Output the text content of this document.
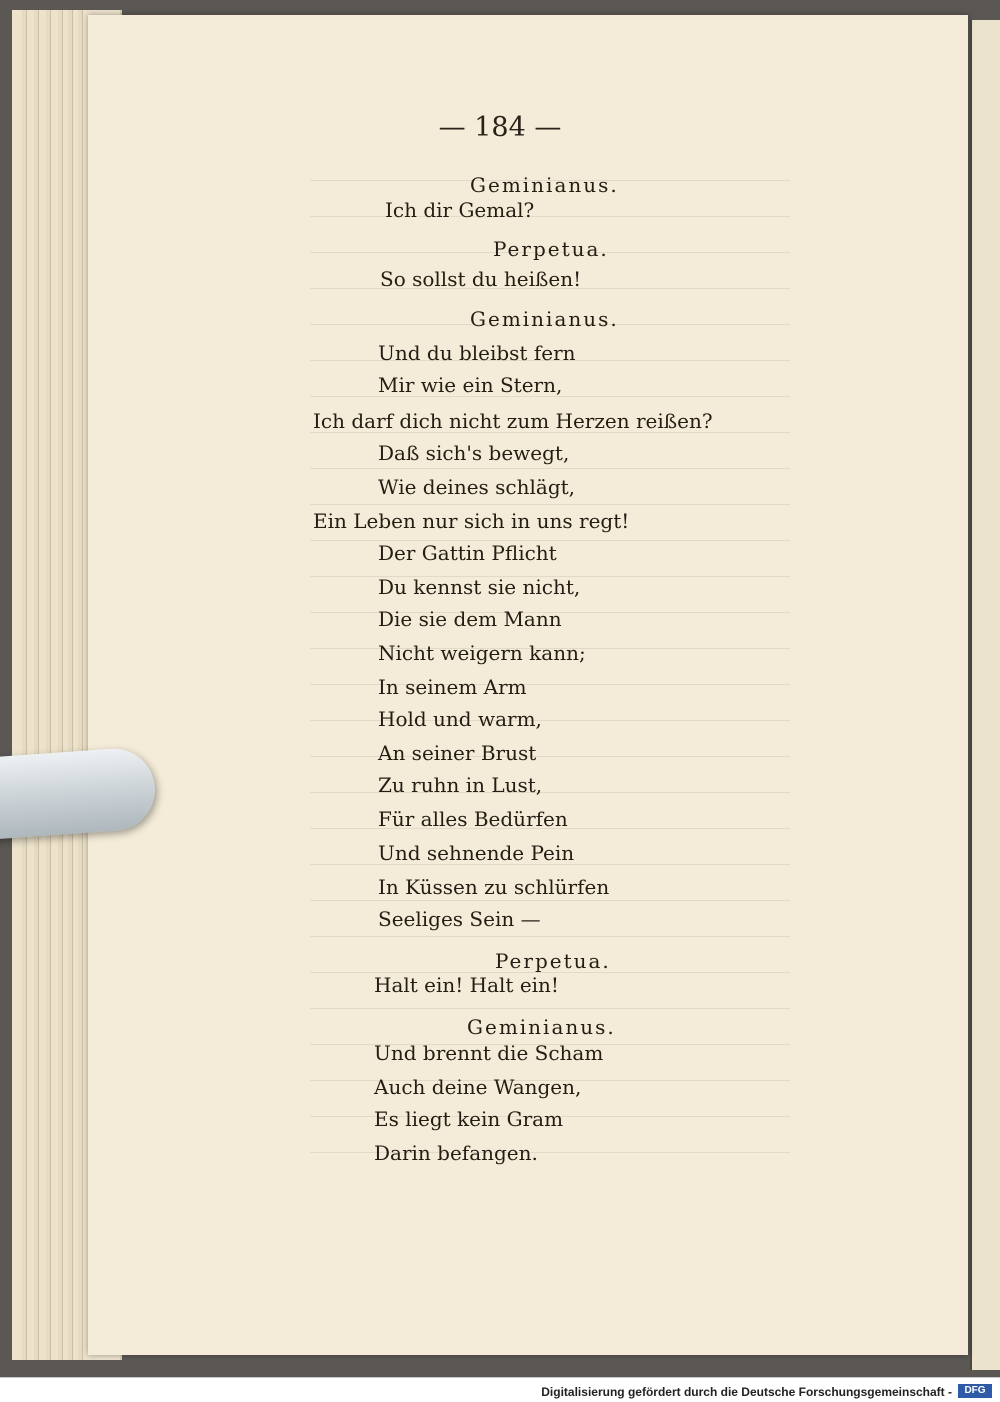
— 184 —
Geminianus.
Ich dir Gemal?
Perpetua.
So sollst du heißen!
Geminianus.
Und du bleibst fern
Mir wie ein Stern,
Ich darf dich nicht zum Herzen reißen?
Daß sich's bewegt,
Wie deines schlägt,
Ein Leben nur sich in uns regt!
Der Gattin Pflicht
Du kennst sie nicht,
Die sie dem Mann
Nicht weigern kann;
In seinem Arm
Hold und warm,
An seiner Brust
Zu ruhn in Lust,
Für alles Bedürfen
Und sehnende Pein
In Küssen zu schlürfen
Seeliges Sein —
Perpetua.
Halt ein! Halt ein!
Geminianus.
Und brennt die Scham
Auch deine Wangen,
Es liegt kein Gram
Darin befangen.
Digitalisierung gefördert durch die Deutsche Forschungsgemeinschaft -	DFG
